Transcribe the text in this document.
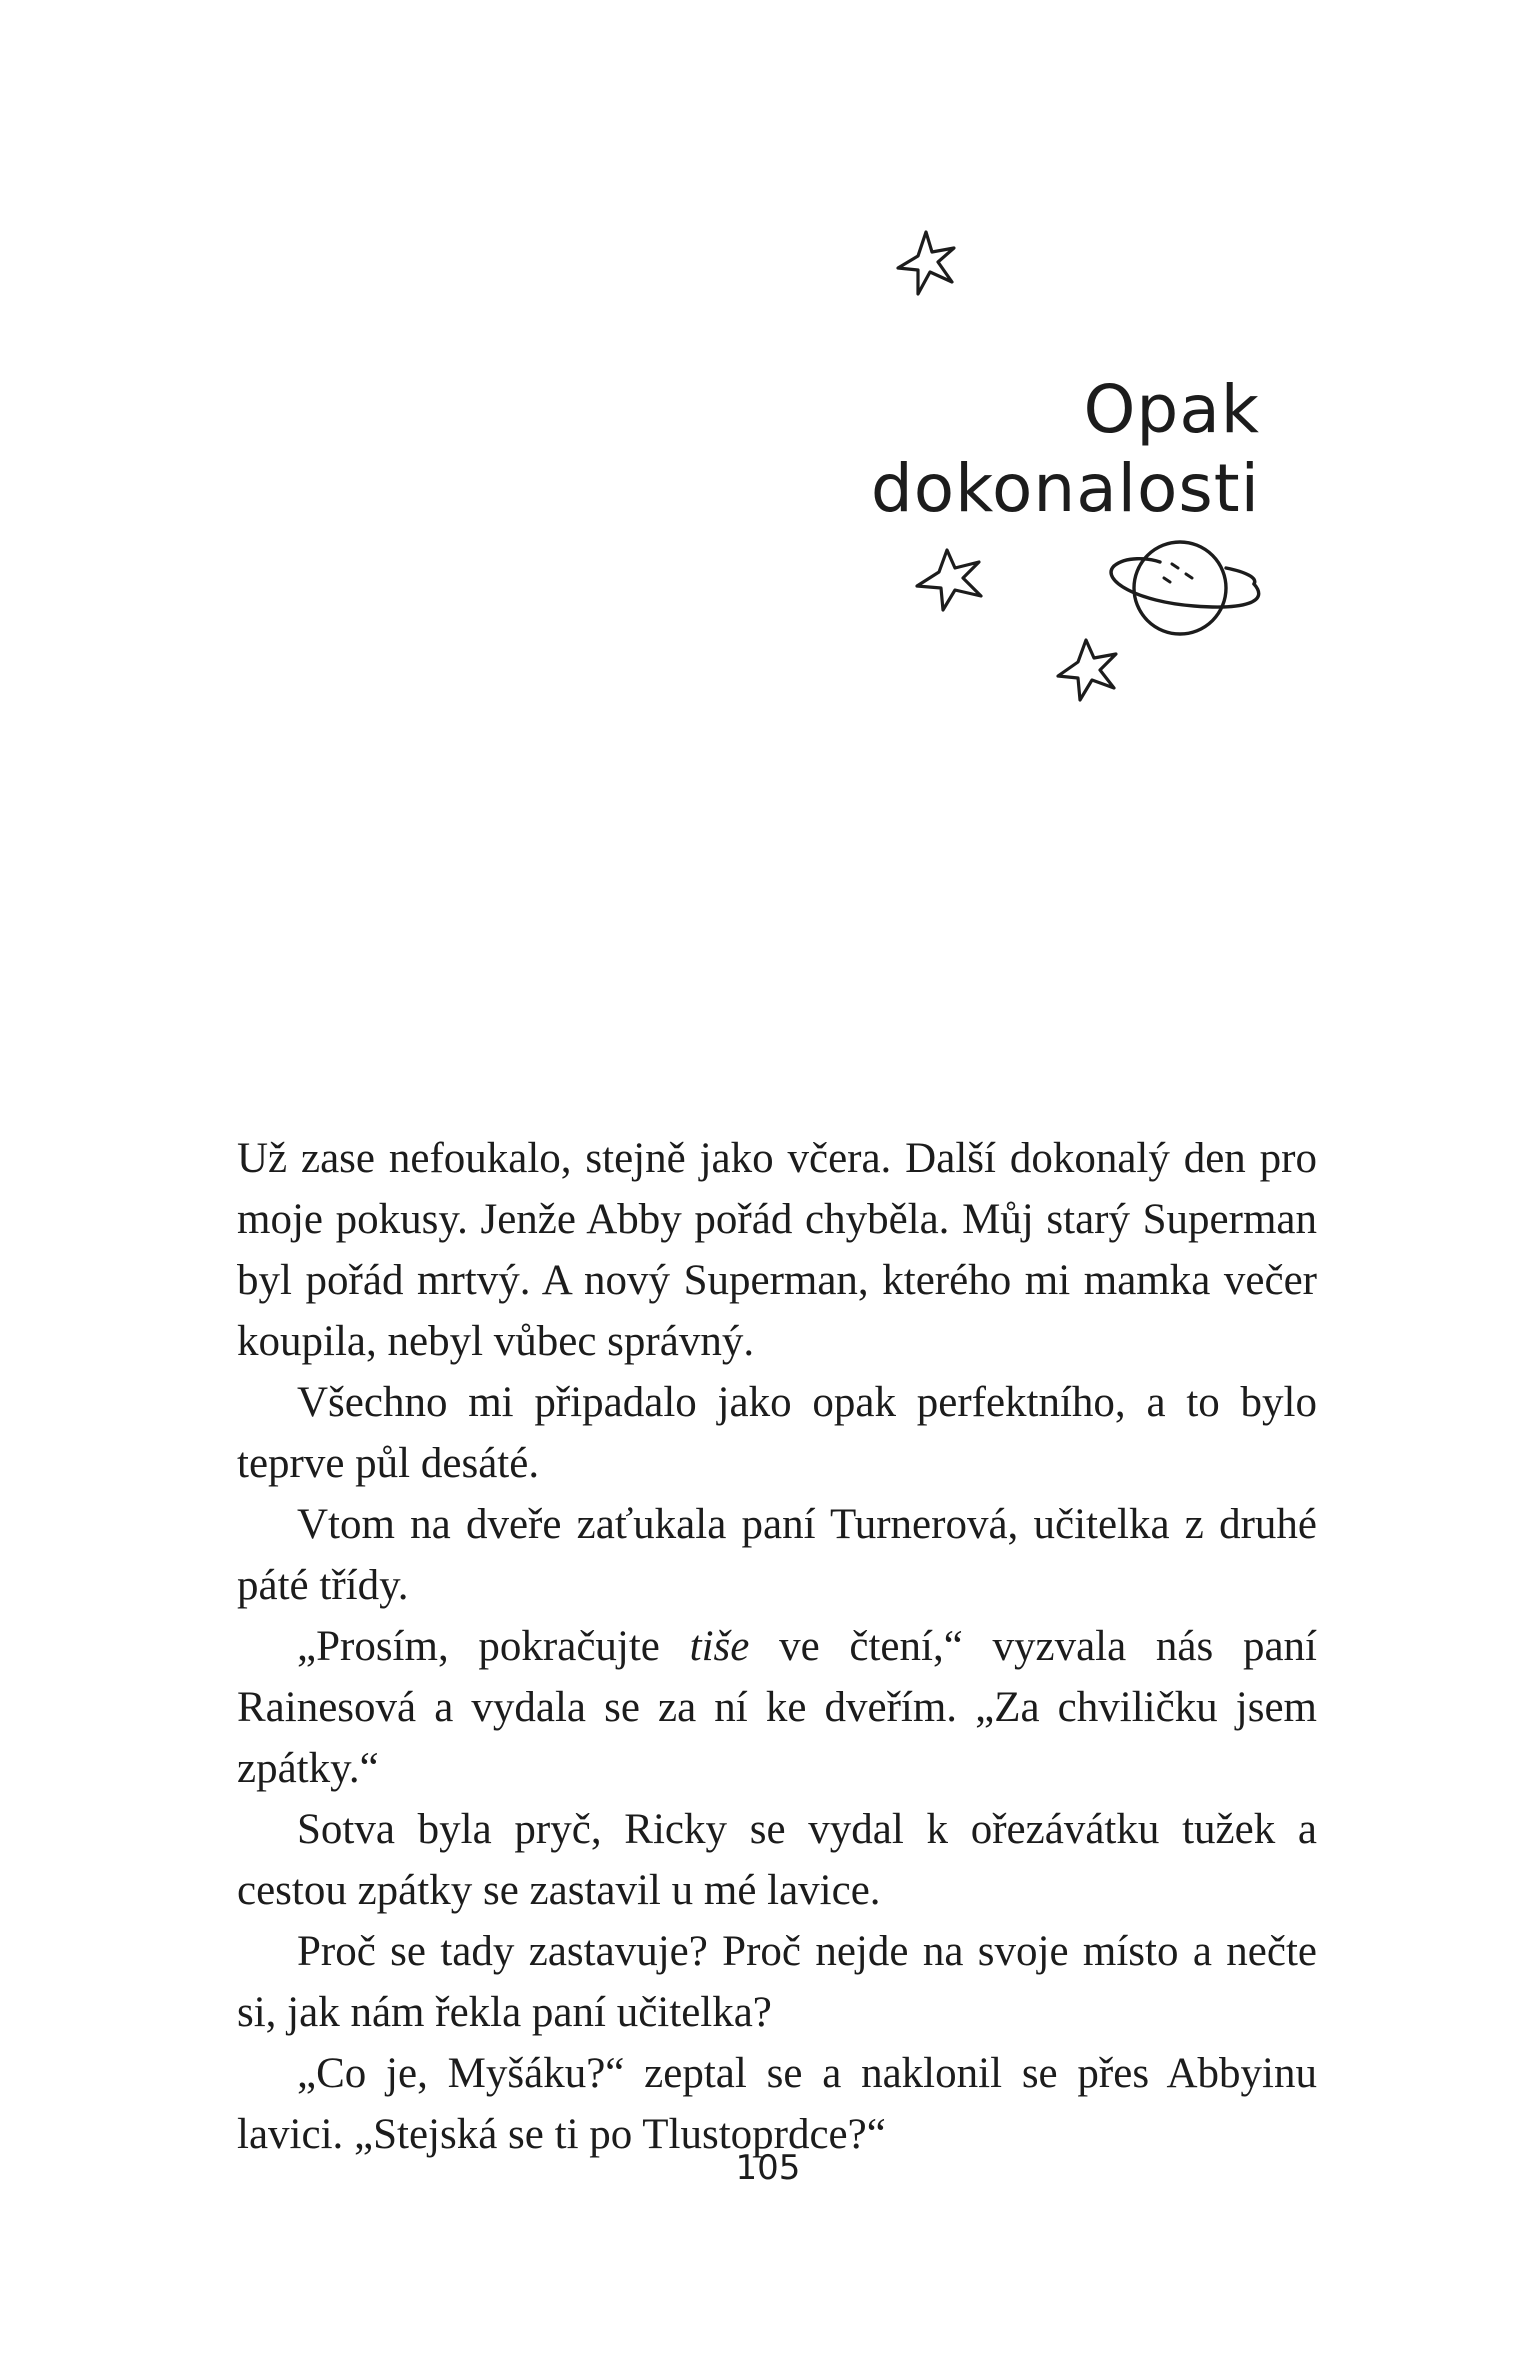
Opak dokonalosti

Už zase nefoukalo, stejně jako včera. Další dokonalý den pro moje pokusy. Jenže Abby pořád chyběla. Můj starý Superman byl pořád mrtvý. A nový Superman, kterého mi mamka večer koupila, nebyl vůbec správný.

Všechno mi připadalo jako opak perfektního, a to bylo teprve půl desáté.

Vtom na dveře zaťukala paní Turnerová, učitelka z druhé páté třídy.

„Prosím, pokračujte tiše ve čtení,“ vyzvala nás paní Rainesová a vydala se za ní ke dveřím. „Za chviličku jsem zpátky.“

Sotva byla pryč, Ricky se vydal k ořezávátku tužek a cestou zpátky se zastavil u mé lavice.

Proč se tady zastavuje? Proč nejde na svoje místo a nečte si, jak nám řekla paní učitelka?

„Co je, Myšáku?“ zeptal se a naklonil se přes Abbyinu lavici. „Stejská se ti po Tlustoprdce?“

105
